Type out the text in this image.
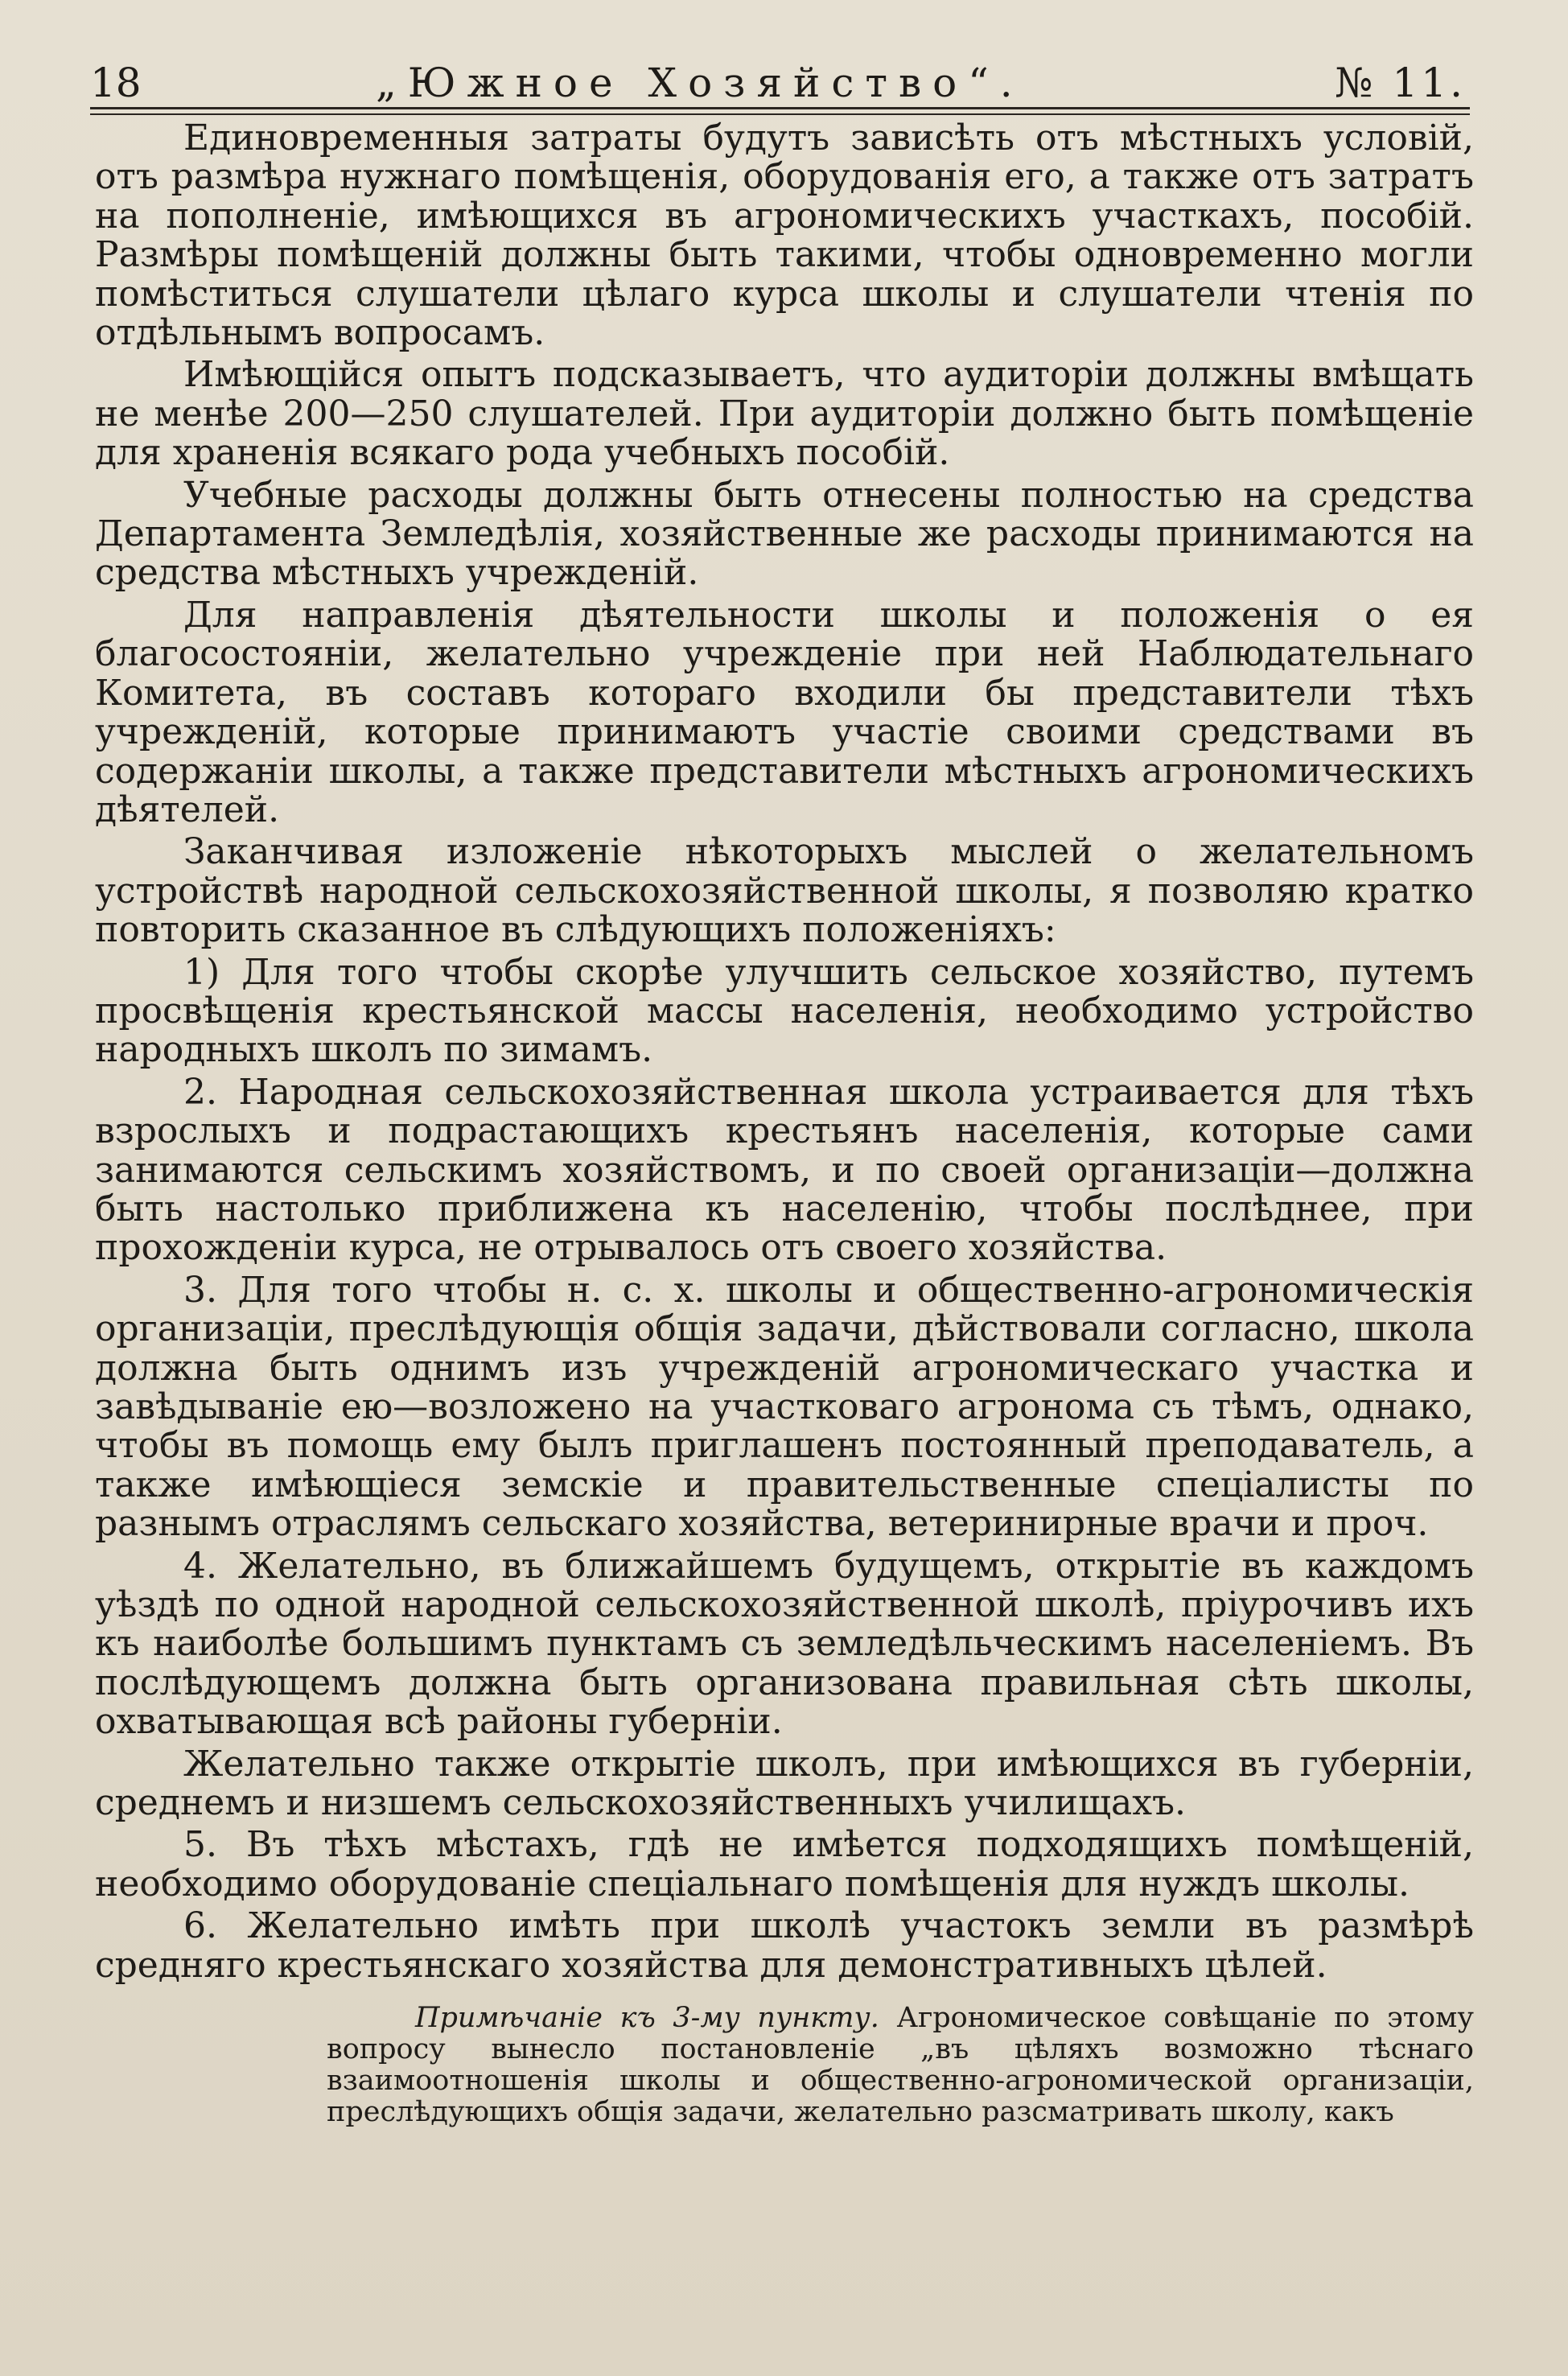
18	„Южное Хозяйство“.	№ 11.

Единовременныя затраты будутъ зависѣть отъ мѣстныхъ условій, отъ размѣра нужнаго помѣщенія, оборудованія его, а также отъ затратъ на пополненіе, имѣющихся въ агрономическихъ участкахъ, пособій. Размѣры помѣщеній должны быть такими, чтобы одновременно могли помѣститься слушатели цѣлаго курса школы и слушатели чтенія по отдѣльнымъ вопросамъ.

Имѣющійся опытъ подсказываетъ, что аудиторіи должны вмѣщать не менѣе 200—250 слушателей. При аудиторіи должно быть помѣщеніе для храненія всякаго рода учебныхъ пособій.

Учебные расходы должны быть отнесены полностью на средства Департамента Земледѣлія, хозяйственные же расходы принимаются на средства мѣстныхъ учрежденій.

Для направленія дѣятельности школы и положенія о ея благосостояніи, желательно учрежденіе при ней Наблюдательнаго Комитета, въ составъ котораго входили бы представители тѣхъ учрежденій, которые принимаютъ участіе своими средствами въ содержаніи школы, а также представители мѣстныхъ агрономическихъ дѣятелей.

Заканчивая изложеніе нѣкоторыхъ мыслей о желательномъ устройствѣ народной сельскохозяйственной школы, я позволяю кратко повторить сказанное въ слѣдующихъ положеніяхъ:

1) Для того чтобы скорѣе улучшить сельское хозяйство, путемъ просвѣщенія крестьянской массы населенія, необходимо устройство народныхъ школъ по зимамъ.

2. Народная сельскохозяйственная школа устраивается для тѣхъ взрослыхъ и подрастающихъ крестьянъ населенія, которые сами занимаются сельскимъ хозяйствомъ, и по своей организаціи—должна быть настолько приближена къ населенію, чтобы послѣднее, при прохожденіи курса, не отрывалось отъ своего хозяйства.

3. Для того чтобы н. с. х. школы и общественно-агрономическія организаціи, преслѣдующія общія задачи, дѣйствовали согласно, школа должна быть однимъ изъ учрежденій агрономическаго участка и завѣдываніе ею—возложено на участковаго агронома съ тѣмъ, однако, чтобы въ помощь ему былъ приглашенъ постоянный преподаватель, а также имѣющіеся земскіе и правительственные спеціалисты по разнымъ отраслямъ сельскаго хозяйства, ветеринирные врачи и проч.

4. Желательно, въ ближайшемъ будущемъ, открытіе въ каждомъ уѣздѣ по одной народной сельскохозяйственной школѣ, пріурочивъ ихъ къ наиболѣе большимъ пунктамъ съ земледѣльческимъ населеніемъ. Въ послѣдующемъ должна быть организована правильная сѣть школы, охватывающая всѣ районы губерніи.

Желательно также открытіе школъ, при имѣющихся въ губерніи, среднемъ и низшемъ сельскохозяйственныхъ училищахъ.

5. Въ тѣхъ мѣстахъ, гдѣ не имѣется подходящихъ помѣщеній, необходимо оборудованіе спеціальнаго помѣщенія для нуждъ школы.

6. Желательно имѣть при школѣ участокъ земли въ размѣрѣ средняго крестьянскаго хозяйства для демонстративныхъ цѣлей.

Примѣчаніе къ 3-му пункту. Агрономическое совѣщаніе по этому вопросу вынесло постановленіе „въ цѣляхъ возможно тѣснаго взаимоотношенія школы и общественно-агрономической организаціи, преслѣдующихъ общія задачи, желательно разсматривать школу, какъ
